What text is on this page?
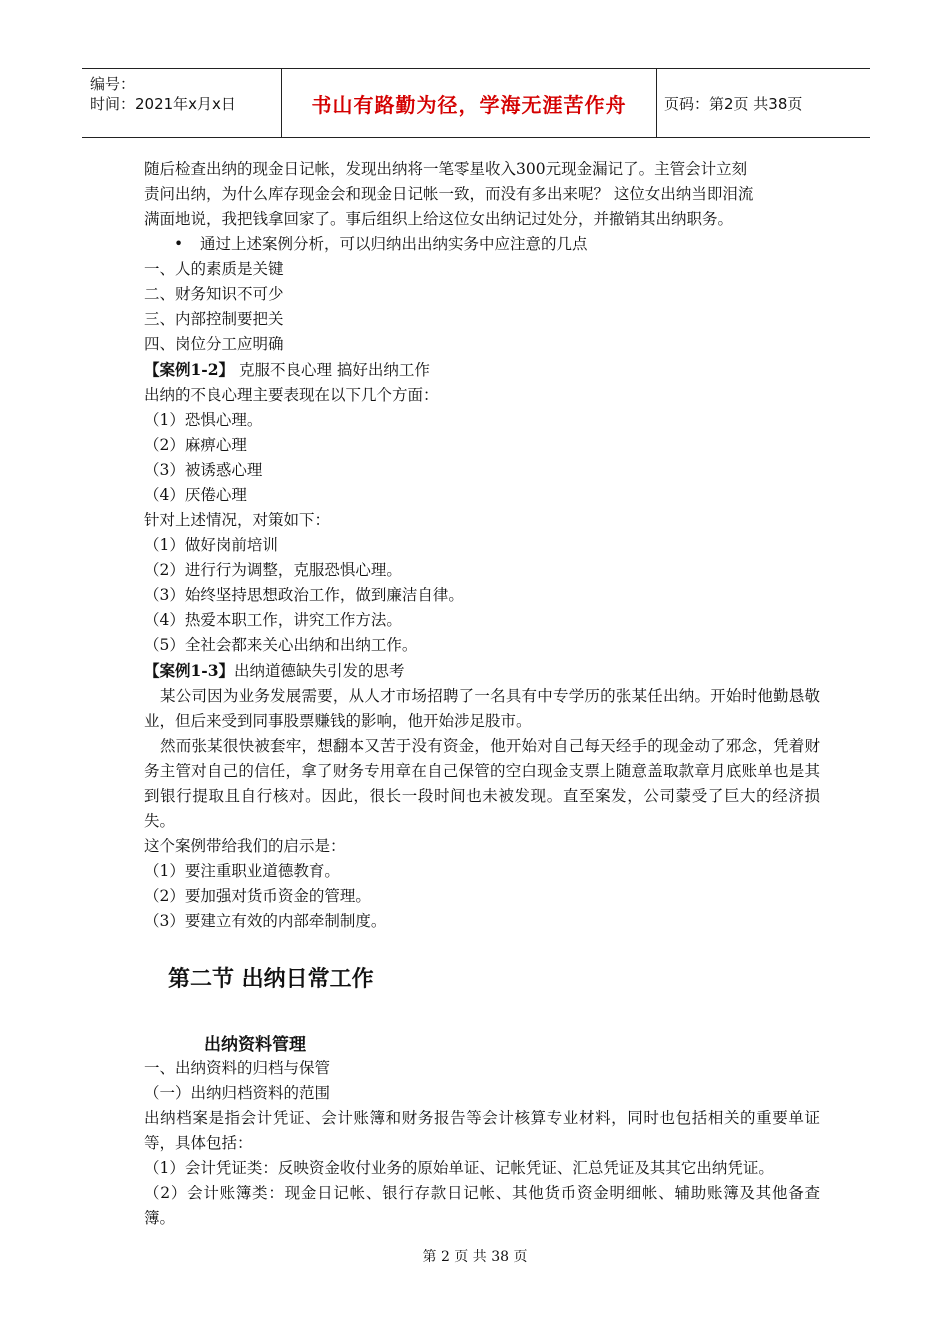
编号：
时间：2021年x月x日	书山有路勤为径，学海无涯苦作舟	页码：第2页 共38页

随后检查出纳的现金日记帐，发现出纳将一笔零星收入300元现金漏记了。主管会计立刻

责问出纳，为什么库存现金会和现金日记帐一致，而没有多出来呢？ 这位女出纳当即泪流

满面地说，我把钱拿回家了。事后组织上给这位女出纳记过处分，并撤销其出纳职务。

• 通过上述案例分析，可以归纳出出纳实务中应注意的几点

一、人的素质是关键

二、财务知识不可少

三、内部控制要把关

四、岗位分工应明确

【案例1-2】 克服不良心理 搞好出纳工作

出纳的不良心理主要表现在以下几个方面：

（1）恐惧心理。

（2）麻痹心理

（3）被诱惑心理

（4）厌倦心理

针对上述情况，对策如下：

（1）做好岗前培训

（2）进行行为调整，克服恐惧心理。

（3）始终坚持思想政治工作，做到廉洁自律。

（4）热爱本职工作，讲究工作方法。

（5）全社会都来关心出纳和出纳工作。

【案例1-3】出纳道德缺失引发的思考

某公司因为业务发展需要，从人才市场招聘了一名具有中专学历的张某任出纳。开始时他勤恳敬业，但后来受到同事股票赚钱的影响，他开始涉足股市。

然而张某很快被套牢，想翻本又苦于没有资金，他开始对自己每天经手的现金动了邪念，凭着财务主管对自己的信任，拿了财务专用章在自己保管的空白现金支票上随意盖取款章月底账单也是其到银行提取且自行核对。因此，很长一段时间也未被发现。直至案发，公司蒙受了巨大的经济损失。

这个案例带给我们的启示是：

（1）要注重职业道德教育。

（2）要加强对货币资金的管理。

（3）要建立有效的内部牵制制度。

第二节 出纳日常工作
出纳资料管理

一、出纳资料的归档与保管

（一）出纳归档资料的范围

出纳档案是指会计凭证、会计账簿和财务报告等会计核算专业材料，同时也包括相关的重要单证等，具体包括：

（1）会计凭证类：反映资金收付业务的原始单证、记帐凭证、汇总凭证及其其它出纳凭证。

（2）会计账簿类：现金日记帐、银行存款日记帐、其他货币资金明细帐、辅助账簿及其他备查簿。

第 2 页 共 38 页
